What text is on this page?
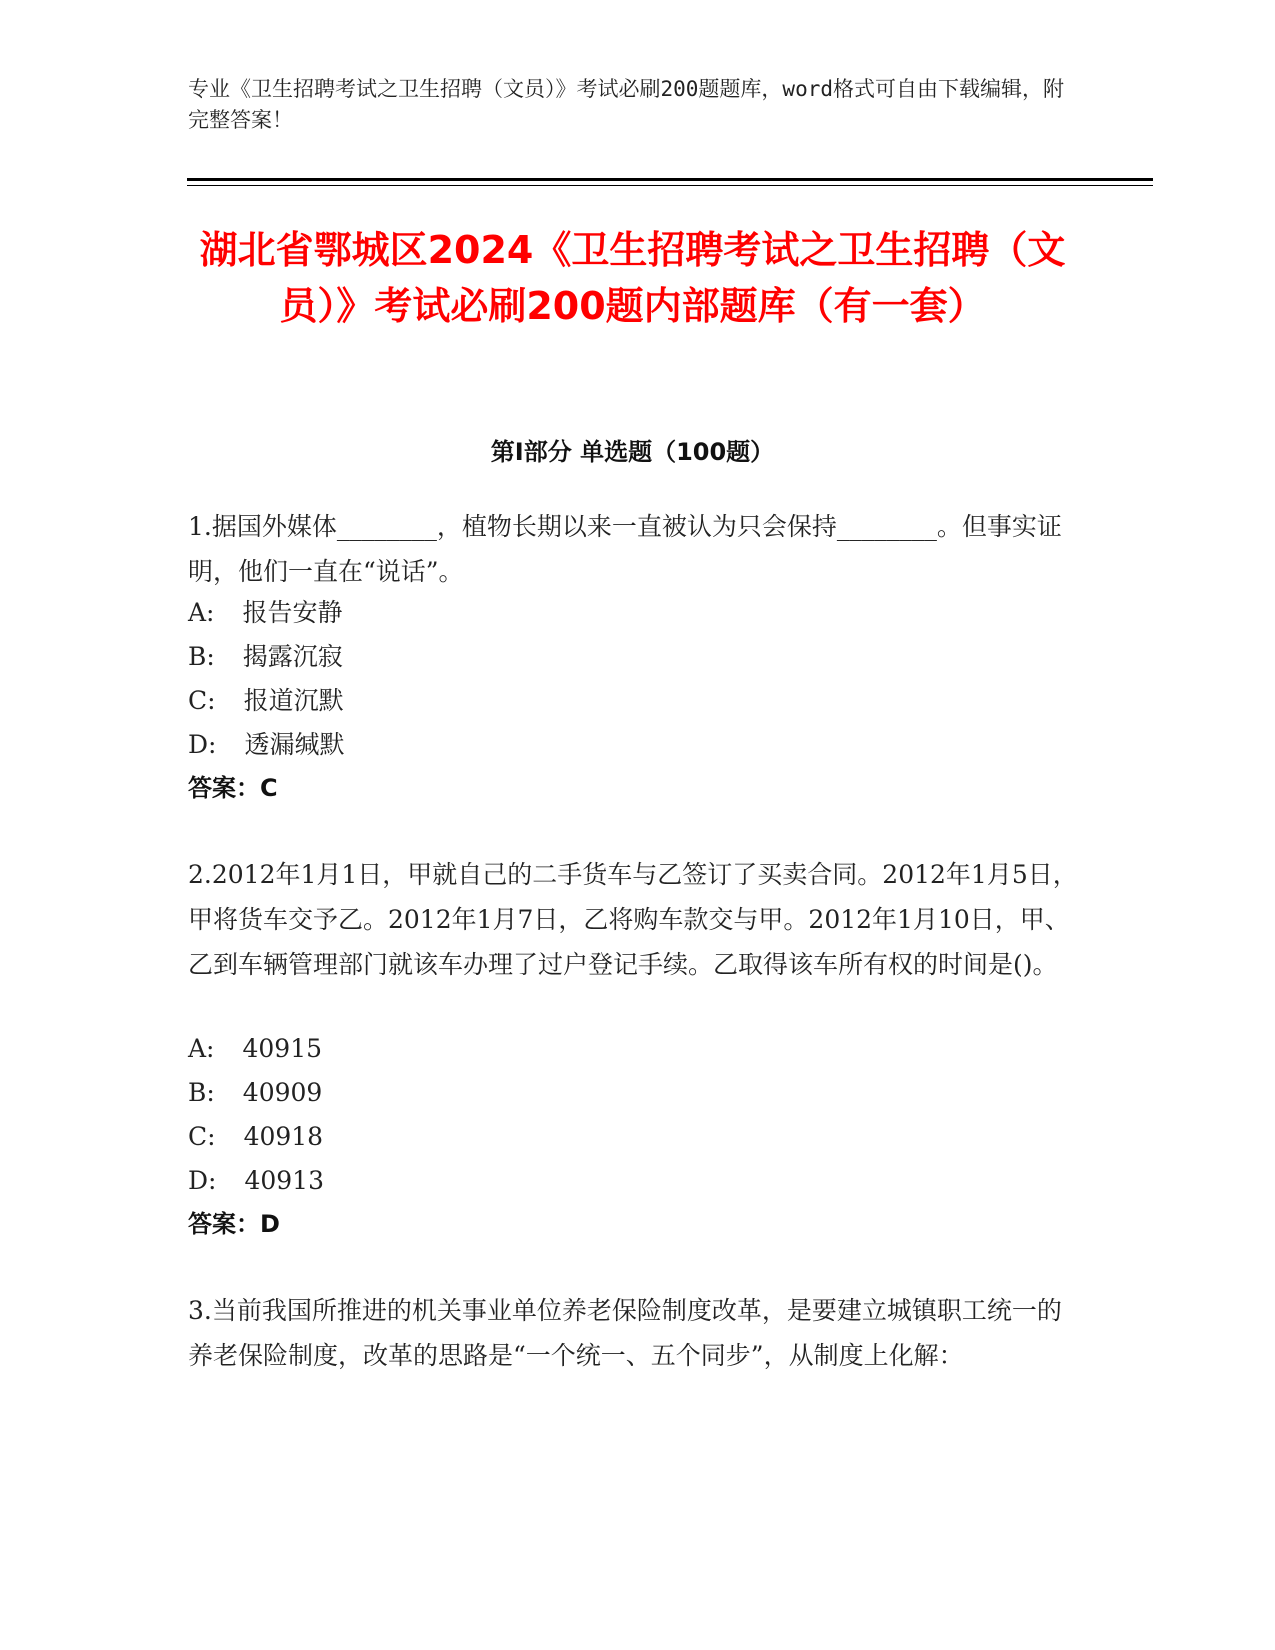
专业《卫生招聘考试之卫生招聘（文员）》考试必刷200题题库，word格式可自由下载编辑，附完整答案！
湖北省鄂城区2024《卫生招聘考试之卫生招聘（文员）》考试必刷200题内部题库（有一套）
第Ⅰ部分 单选题（100题）
1.据国外媒体________，植物长期以来一直被认为只会保持________。但事实证明，他们一直在“说话”。
A: 报告安静
B: 揭露沉寂
C: 报道沉默
D: 透漏缄默
答案：C
2.2012年1月1日，甲就自己的二手货车与乙签订了买卖合同。2012年1月5日，甲将货车交予乙。2012年1月7日，乙将购车款交与甲。2012年1月10日，甲、乙到车辆管理部门就该车办理了过户登记手续。乙取得该车所有权的时间是()。
A: 40915
B: 40909
C: 40918
D: 40913
答案：D
3.当前我国所推进的机关事业单位养老保险制度改革，是要建立城镇职工统一的养老保险制度，改革的思路是“一个统一、五个同步”，从制度上化解：
